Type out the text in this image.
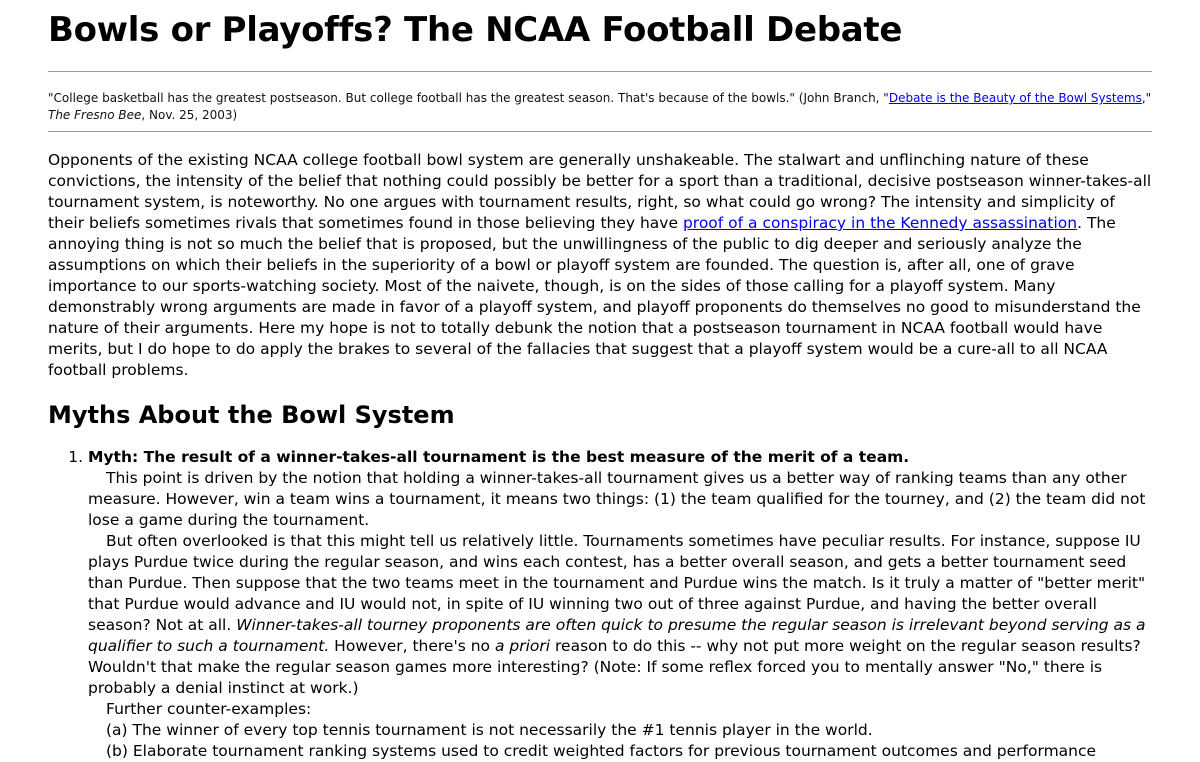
Bowls or Playoffs? The NCAA Football Debate
"College basketball has the greatest postseason. But college football has the greatest season. That's because of the bowls." (John Branch, "Debate is the Beauty of the Bowl Systems," The Fresno Bee, Nov. 25, 2003)
Opponents of the existing NCAA college football bowl system are generally unshakeable. The stalwart and unflinching nature of these convictions, the intensity of the belief that nothing could possibly be better for a sport than a traditional, decisive postseason winner-takes-all tournament system, is noteworthy. No one argues with tournament results, right, so what could go wrong? The intensity and simplicity of their beliefs sometimes rivals that sometimes found in those believing they have proof of a conspiracy in the Kennedy assassination. The annoying thing is not so much the belief that is proposed, but the unwillingness of the public to dig deeper and seriously analyze the assumptions on which their beliefs in the superiority of a bowl or playoff system are founded. The question is, after all, one of grave importance to our sports-watching society. Most of the naivete, though, is on the sides of those calling for a playoff system. Many demonstrably wrong arguments are made in favor of a playoff system, and playoff proponents do themselves no good to misunderstand the nature of their arguments. Here my hope is not to totally debunk the notion that a postseason tournament in NCAA football would have merits, but I do hope to do apply the brakes to several of the fallacies that suggest that a playoff system would be a cure-all to all NCAA football problems.
Myths About the Bowl System
1. Myth: The result of a winner-takes-all tournament is the best measure of the merit of a team.
This point is driven by the notion that holding a winner-takes-all tournament gives us a better way of ranking teams than any other measure. However, win a team wins a tournament, it means two things: (1) the team qualified for the tourney, and (2) the team did not lose a game during the tournament.
But often overlooked is that this might tell us relatively little. Tournaments sometimes have peculiar results. For instance, suppose IU plays Purdue twice during the regular season, and wins each contest, has a better overall season, and gets a better tournament seed than Purdue. Then suppose that the two teams meet in the tournament and Purdue wins the match. Is it truly a matter of "better merit" that Purdue would advance and IU would not, in spite of IU winning two out of three against Purdue, and having the better overall season? Not at all. Winner-takes-all tourney proponents are often quick to presume the regular season is irrelevant beyond serving as a qualifier to such a tournament. However, there's no a priori reason to do this -- why not put more weight on the regular season results? Wouldn't that make the regular season games more interesting? (Note: If some reflex forced you to mentally answer "No," there is probably a denial instinct at work.)
Further counter-examples:
(a) The winner of every top tennis tournament is not necessarily the #1 tennis player in the world.
(b) Elaborate tournament ranking systems used to credit weighted factors for previous tournament outcomes and performance
